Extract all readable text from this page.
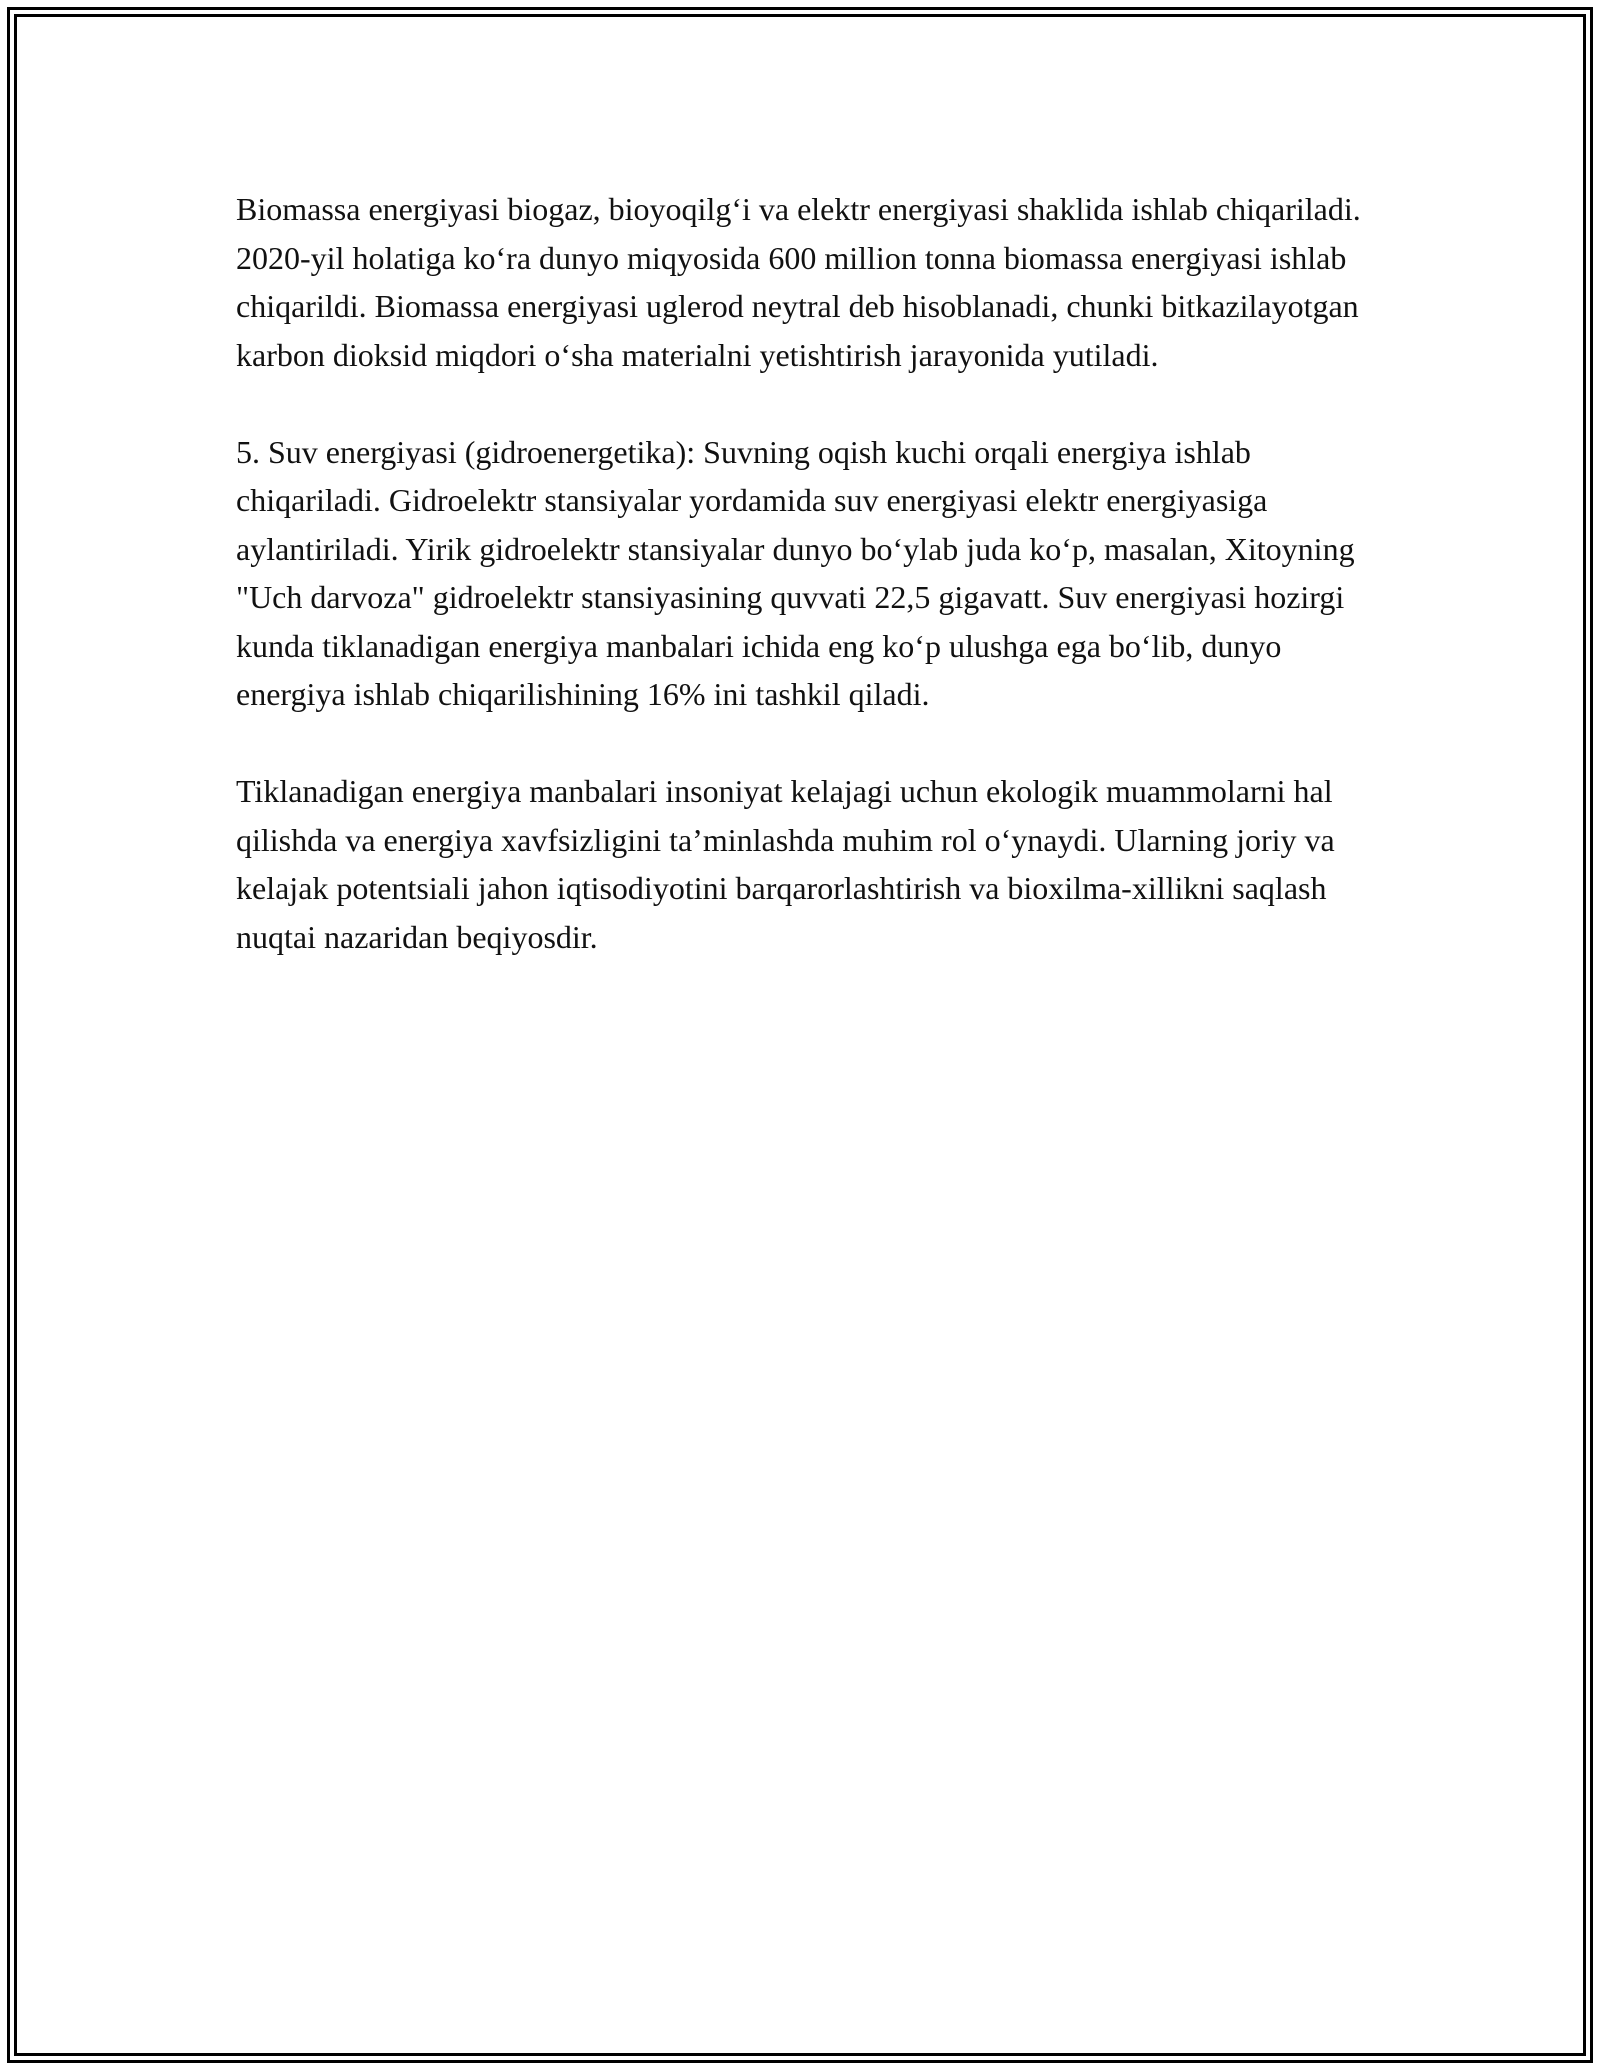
Biomassa energiyasi biogaz, bioyoqilg‘i va elektr energiyasi shaklida ishlab chiqariladi. 2020-yil holatiga ko‘ra dunyo miqyosida 600 million tonna biomassa energiyasi ishlab chiqarildi. Biomassa energiyasi uglerod neytral deb hisoblanadi, chunki bitkazilayotgan karbon dioksid miqdori o‘sha materialni yetishtirish jarayonida yutiladi.

5. Suv energiyasi (gidroenergetika): Suvning oqish kuchi orqali energiya ishlab chiqariladi. Gidroelektr stansiyalar yordamida suv energiyasi elektr energiyasiga aylantiriladi. Yirik gidroelektr stansiyalar dunyo bo‘ylab juda ko‘p, masalan, Xitoyning "Uch darvoza" gidroelektr stansiyasining quvvati 22,5 gigavatt. Suv energiyasi hozirgi kunda tiklanadigan energiya manbalari ichida eng ko‘p ulushga ega bo‘lib, dunyo energiya ishlab chiqarilishining 16% ini tashkil qiladi.

Tiklanadigan energiya manbalari insoniyat kelajagi uchun ekologik muammolarni hal qilishda va energiya xavfsizligini ta’minlashda muhim rol o‘ynaydi. Ularning joriy va kelajak potentsiali jahon iqtisodiyotini barqarorlashtirish va bioxilma-xillikni saqlash nuqtai nazaridan beqiyosdir.
